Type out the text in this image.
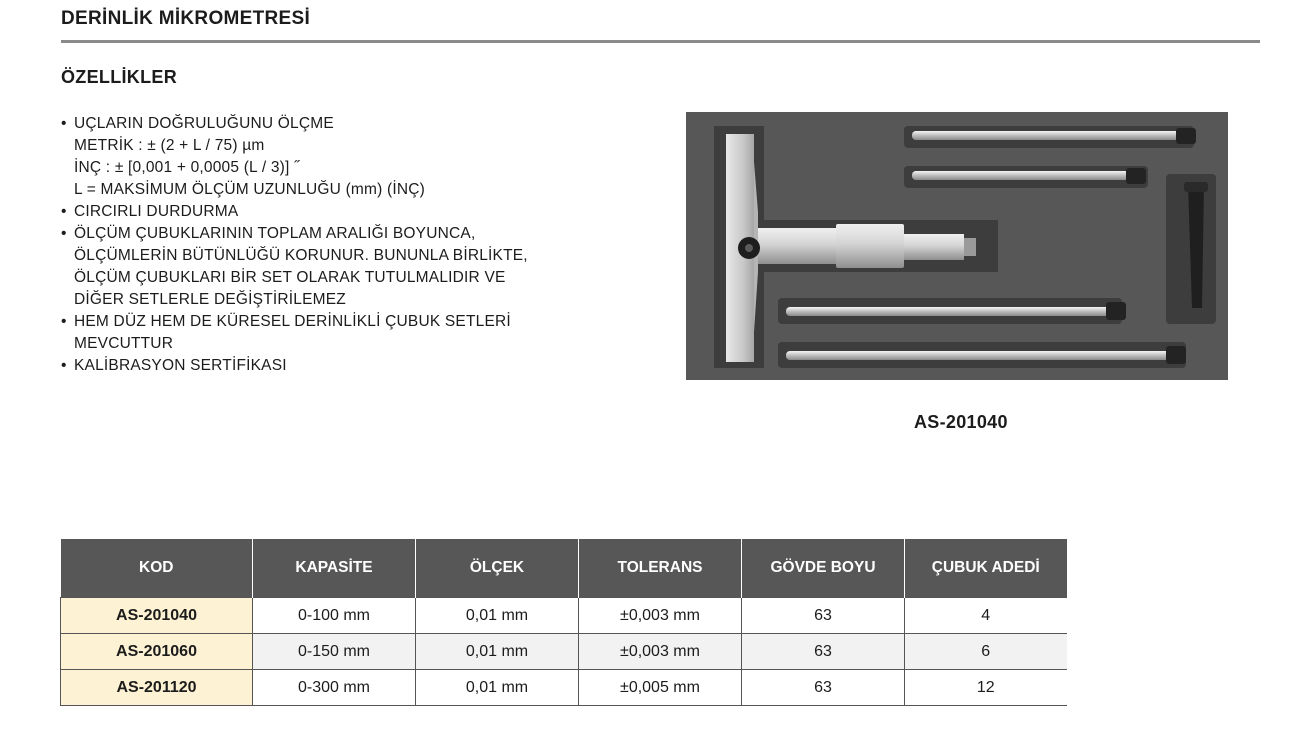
DERİNLİK MİKROMETRESİ
ÖZELLİKLER
• UÇLARIN DOĞRULUĞUNU ÖLÇME
METRİK : ± (2 + L / 75) µm
İNÇ : ± [0,001 + 0,0005 (L / 3)] ˝
L = MAKSİMUM ÖLÇÜM UZUNLUĞU (mm) (İNÇ)
• CIRCIRLI DURDURMA
• ÖLÇÜM ÇUBUKLARININ TOPLAM ARALIĞI BOYUNCA,
ÖLÇÜMLERİN BÜTÜNLÜĞÜ KORUNUR. BUNUNLA BİRLİKTE,
ÖLÇÜM ÇUBUKLARI BİR SET OLARAK TUTULMALIDIR VE
DİĞER SETLERLE DEĞİŞTİRİLEMEZ
• HEM DÜZ HEM DE KÜRESEL DERİNLİKLİ ÇUBUK SETLERİ
MEVCUTTUR
• KALİBRASYON SERTİFİKASI
AS-201040
KOD	KAPASİTE	ÖLÇEK	TOLERANS	GÖVDE BOYU	ÇUBUK ADEDİ
AS-201040	0-100 mm	0,01 mm	±0,003 mm	63	4
AS-201060	0-150 mm	0,01 mm	±0,003 mm	63	6
AS-201120	0-300 mm	0,01 mm	±0,005 mm	63	12
